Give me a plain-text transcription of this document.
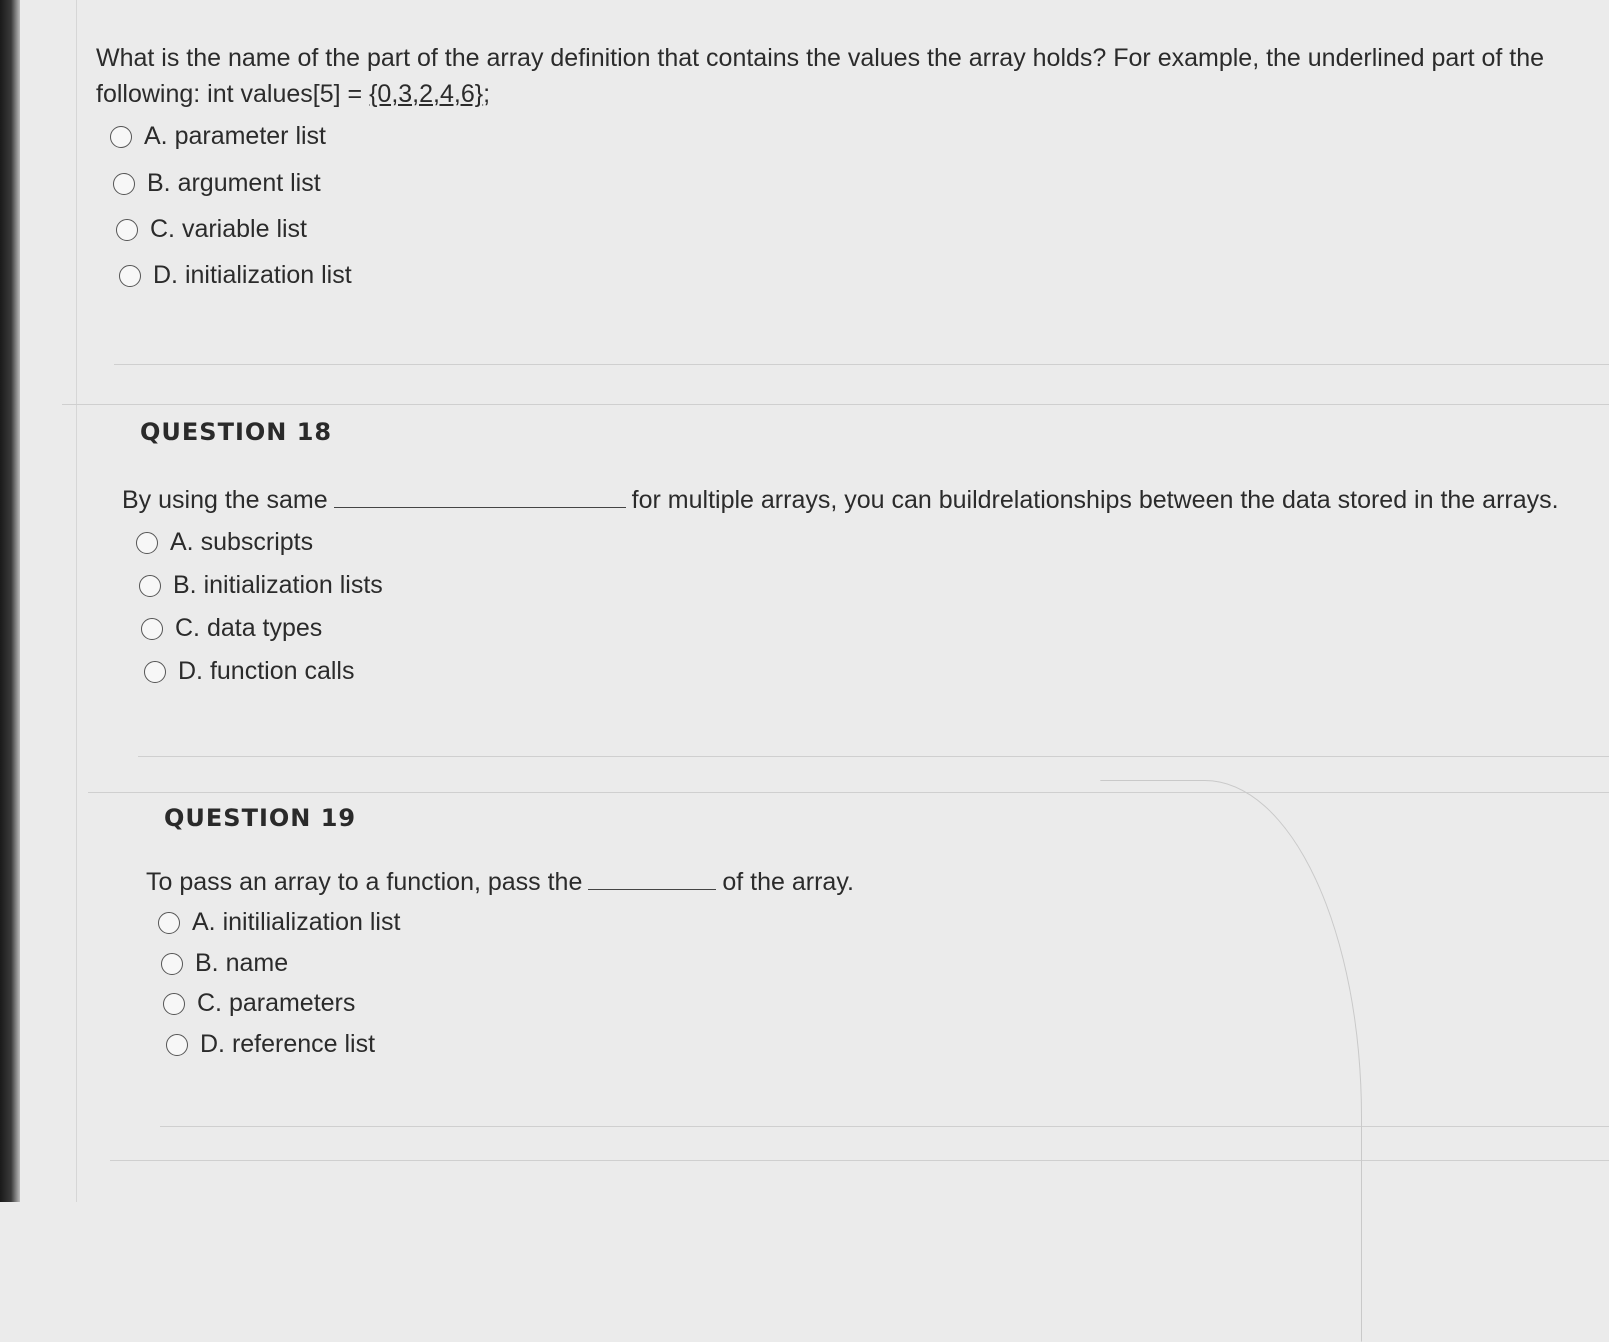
What is the name of the part of the array definition that contains the values the array holds? For example, the underlined part of the
following: int values[5] = {0,3,2,4,6};
A. parameter list
B. argument list
C. variable list
D. initialization list
QUESTION 18
By using the same	for multiple arrays, you can buildrelationships between the data stored in the arrays.
A. subscripts
B. initialization lists
C. data types
D. function calls
QUESTION 19
To pass an array to a function, pass the	of the array.
A. initilialization list
B. name
C. parameters
D. reference list
